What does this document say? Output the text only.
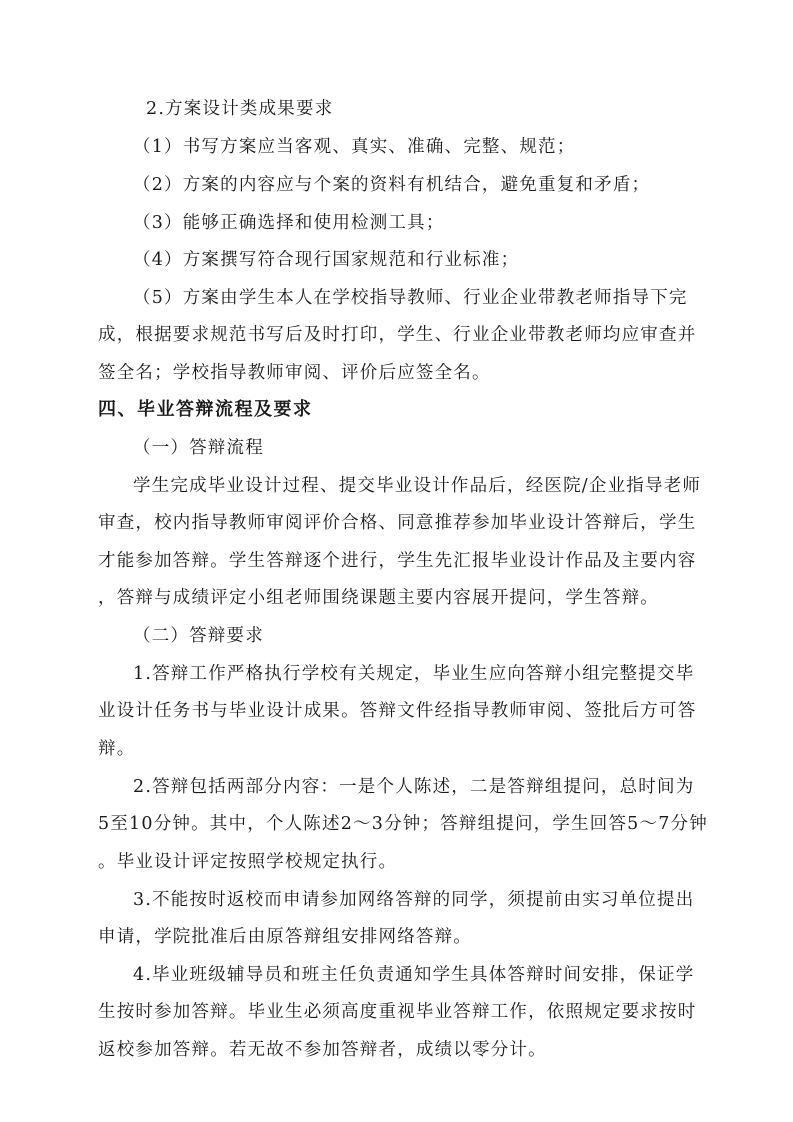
2.方案设计类成果要求
（1）书写方案应当客观、真实、准确、完整、规范；
（2）方案的内容应与个案的资料有机结合，避免重复和矛盾；
（3）能够正确选择和使用检测工具；
（4）方案撰写符合现行国家规范和行业标准；
（5）方案由学生本人在学校指导教师、行业企业带教老师指导下完
成，根据要求规范书写后及时打印，学生、行业企业带教老师均应审查并
签全名；学校指导教师审阅、评价后应签全名。
四、毕业答辩流程及要求
（一）答辩流程
学生完成毕业设计过程、提交毕业设计作品后，经医院/企业指导老师
审查，校内指导教师审阅评价合格、同意推荐参加毕业设计答辩后，学生
才能参加答辩。学生答辩逐个进行，学生先汇报毕业设计作品及主要内容
，答辩与成绩评定小组老师围绕课题主要内容展开提问，学生答辩。
（二）答辩要求
1.答辩工作严格执行学校有关规定，毕业生应向答辩小组完整提交毕
业设计任务书与毕业设计成果。答辩文件经指导教师审阅、签批后方可答
辩。
2.答辩包括两部分内容：一是个人陈述，二是答辩组提问，总时间为
5至10分钟。其中，个人陈述2～3分钟；答辩组提问，学生回答5～7分钟
。毕业设计评定按照学校规定执行。
3.不能按时返校而申请参加网络答辩的同学，须提前由实习单位提出
申请，学院批准后由原答辩组安排网络答辩。
4.毕业班级辅导员和班主任负责通知学生具体答辩时间安排，保证学
生按时参加答辩。毕业生必须高度重视毕业答辩工作，依照规定要求按时
返校参加答辩。若无故不参加答辩者，成绩以零分计。
